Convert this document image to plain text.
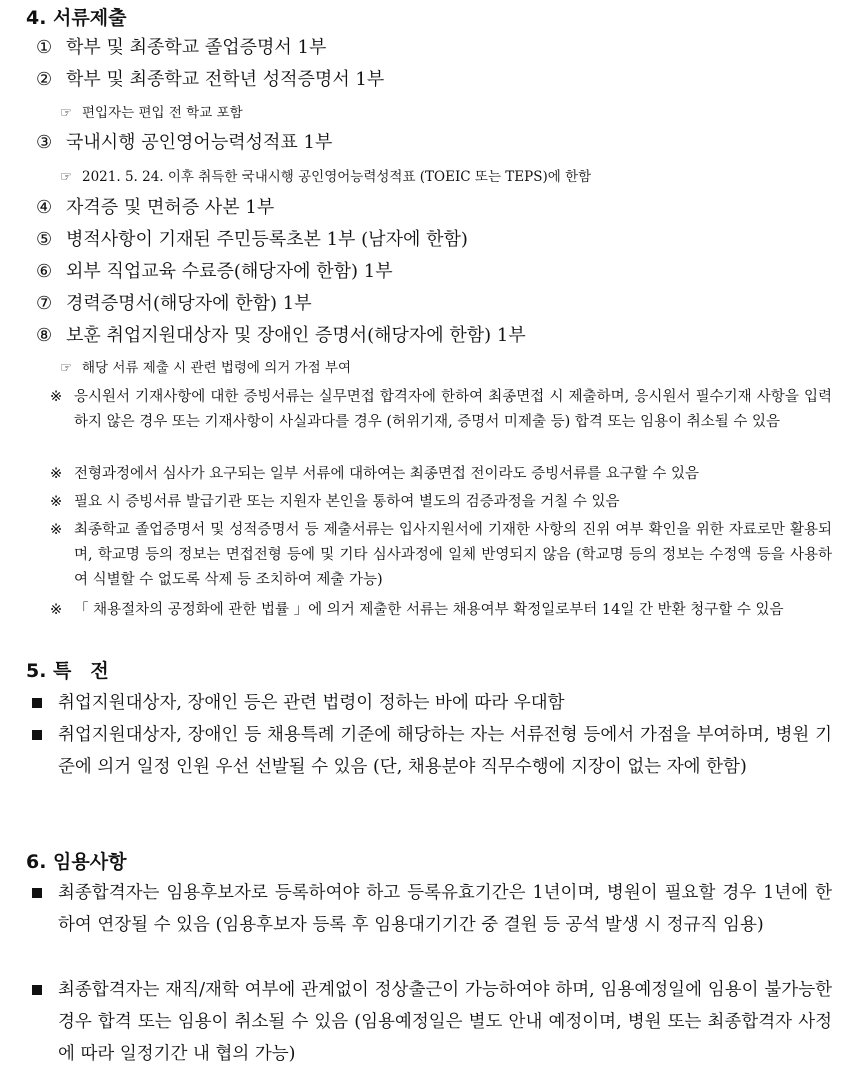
4. 서류제출
① 학부 및 최종학교 졸업증명서 1부
② 학부 및 최종학교 전학년 성적증명서 1부
☞ 편입자는 편입 전 학교 포함
③ 국내시행 공인영어능력성적표 1부
☞ 2021. 5. 24. 이후 취득한 국내시행 공인영어능력성적표 (TOEIC 또는 TEPS)에 한함
④ 자격증 및 면허증 사본 1부
⑤ 병적사항이 기재된 주민등록초본 1부 (남자에 한함)
⑥ 외부 직업교육 수료증(해당자에 한함) 1부
⑦ 경력증명서(해당자에 한함) 1부
⑧ 보훈 취업지원대상자 및 장애인 증명서(해당자에 한함) 1부
☞ 해당 서류 제출 시 관련 법령에 의거 가점 부여
※ 응시원서 기재사항에 대한 증빙서류는 실무면접 합격자에 한하여 최종면접 시 제출하며, 응시원서 필수기재 사항을 입력하지 않은 경우 또는 기재사항이 사실과다를 경우 (허위기재, 증명서 미제출 등) 합격 또는 임용이 취소될 수 있음
※ 전형과정에서 심사가 요구되는 일부 서류에 대하여는 최종면접 전이라도 증빙서류를 요구할 수 있음
※ 필요 시 증빙서류 발급기관 또는 지원자 본인을 통하여 별도의 검증과정을 거칠 수 있음
※ 최종학교 졸업증명서 및 성적증명서 등 제출서류는 입사지원서에 기재한 사항의 진위 여부 확인을 위한 자료로만 활용되며, 학교명 등의 정보는 면접전형 등에 및 기타 심사과정에 일체 반영되지 않음 (학교명 등의 정보는 수정액 등을 사용하여 식별할 수 없도록 삭제 등 조치하여 제출 가능)
※ 「 채용절차의 공정화에 관한 법률 」에 의거 제출한 서류는 채용여부 확정일로부터 14일 간 반환 청구할 수 있음
5. 특　전
취업지원대상자, 장애인 등은 관련 법령이 정하는 바에 따라 우대함
취업지원대상자, 장애인 등 채용특례 기준에 해당하는 자는 서류전형 등에서 가점을 부여하며, 병원 기준에 의거 일정 인원 우선 선발될 수 있음 (단, 채용분야 직무수행에 지장이 없는 자에 한함)
6. 임용사항
최종합격자는 임용후보자로 등록하여야 하고 등록유효기간은 1년이며, 병원이 필요할 경우 1년에 한하여 연장될 수 있음 (임용후보자 등록 후 임용대기기간 중 결원 등 공석 발생 시 정규직 임용)
최종합격자는 재직/재학 여부에 관계없이 정상출근이 가능하여야 하며, 임용예정일에 임용이 불가능한 경우 합격 또는 임용이 취소될 수 있음 (임용예정일은 별도 안내 예정이며, 병원 또는 최종합격자 사정에 따라 일정기간 내 협의 가능)
